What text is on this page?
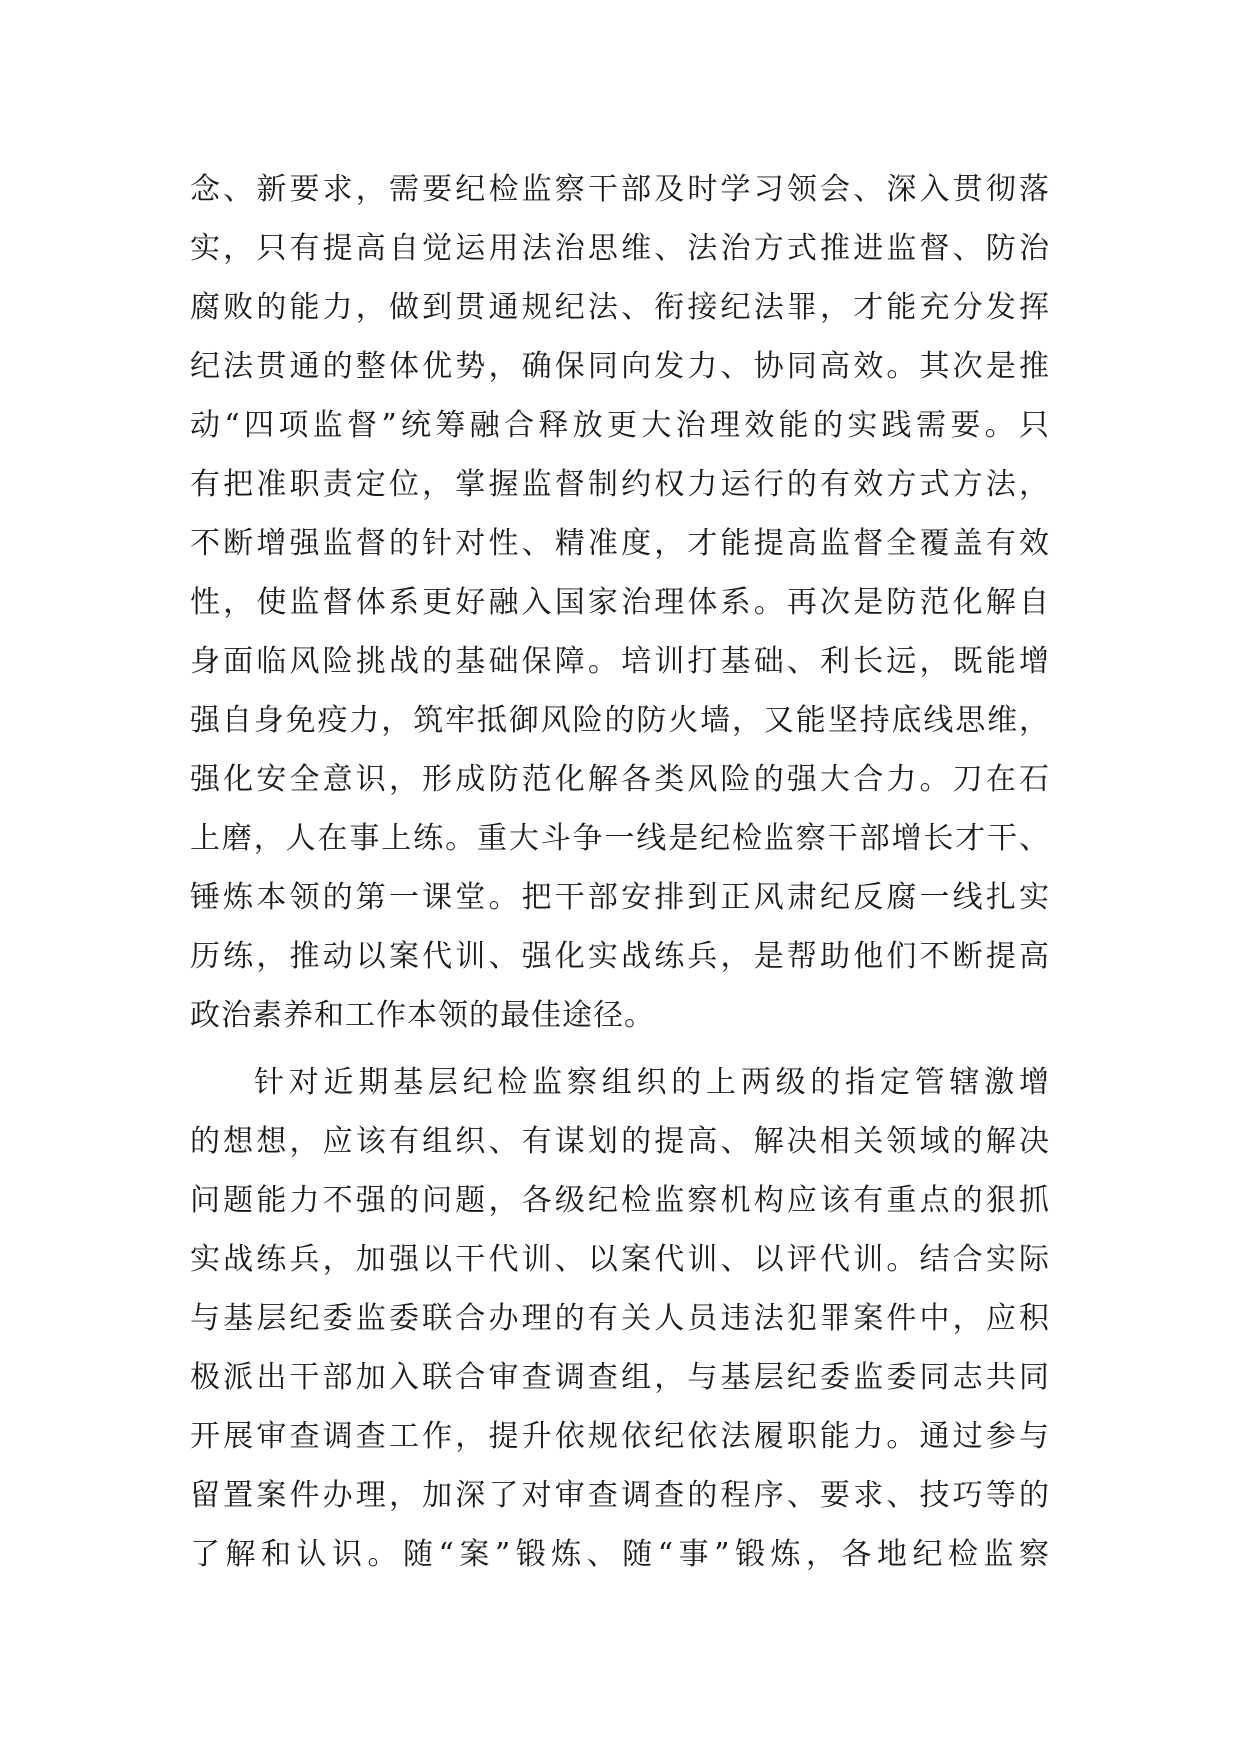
念、新要求，需要纪检监察干部及时学习领会、深入贯彻落
实，只有提高自觉运用法治思维、法治方式推进监督、防治
腐败的能力，做到贯通规纪法、衔接纪法罪，才能充分发挥
纪法贯通的整体优势，确保同向发力、协同高效。其次是推
动“四项监督”统筹融合释放更大治理效能的实践需要。只
有把准职责定位，掌握监督制约权力运行的有效方式方法，
不断增强监督的针对性、精准度，才能提高监督全覆盖有效
性，使监督体系更好融入国家治理体系。再次是防范化解自
身面临风险挑战的基础保障。培训打基础、利长远，既能增
强自身免疫力，筑牢抵御风险的防火墙，又能坚持底线思维，
强化安全意识，形成防范化解各类风险的强大合力。刀在石
上磨，人在事上练。重大斗争一线是纪检监察干部增长才干、
锤炼本领的第一课堂。把干部安排到正风肃纪反腐一线扎实
历练，推动以案代训、强化实战练兵，是帮助他们不断提高
政治素养和工作本领的最佳途径。
针对近期基层纪检监察组织的上两级的指定管辖激增
的想想，应该有组织、有谋划的提高、解决相关领域的解决
问题能力不强的问题，各级纪检监察机构应该有重点的狠抓
实战练兵，加强以干代训、以案代训、以评代训。结合实际
与基层纪委监委联合办理的有关人员违法犯罪案件中，应积
极派出干部加入联合审查调查组，与基层纪委监委同志共同
开展审查调查工作，提升依规依纪依法履职能力。通过参与
留置案件办理，加深了对审查调查的程序、要求、技巧等的
了解和认识。随“案”锻炼、随“事”锻炼，各地纪检监察
